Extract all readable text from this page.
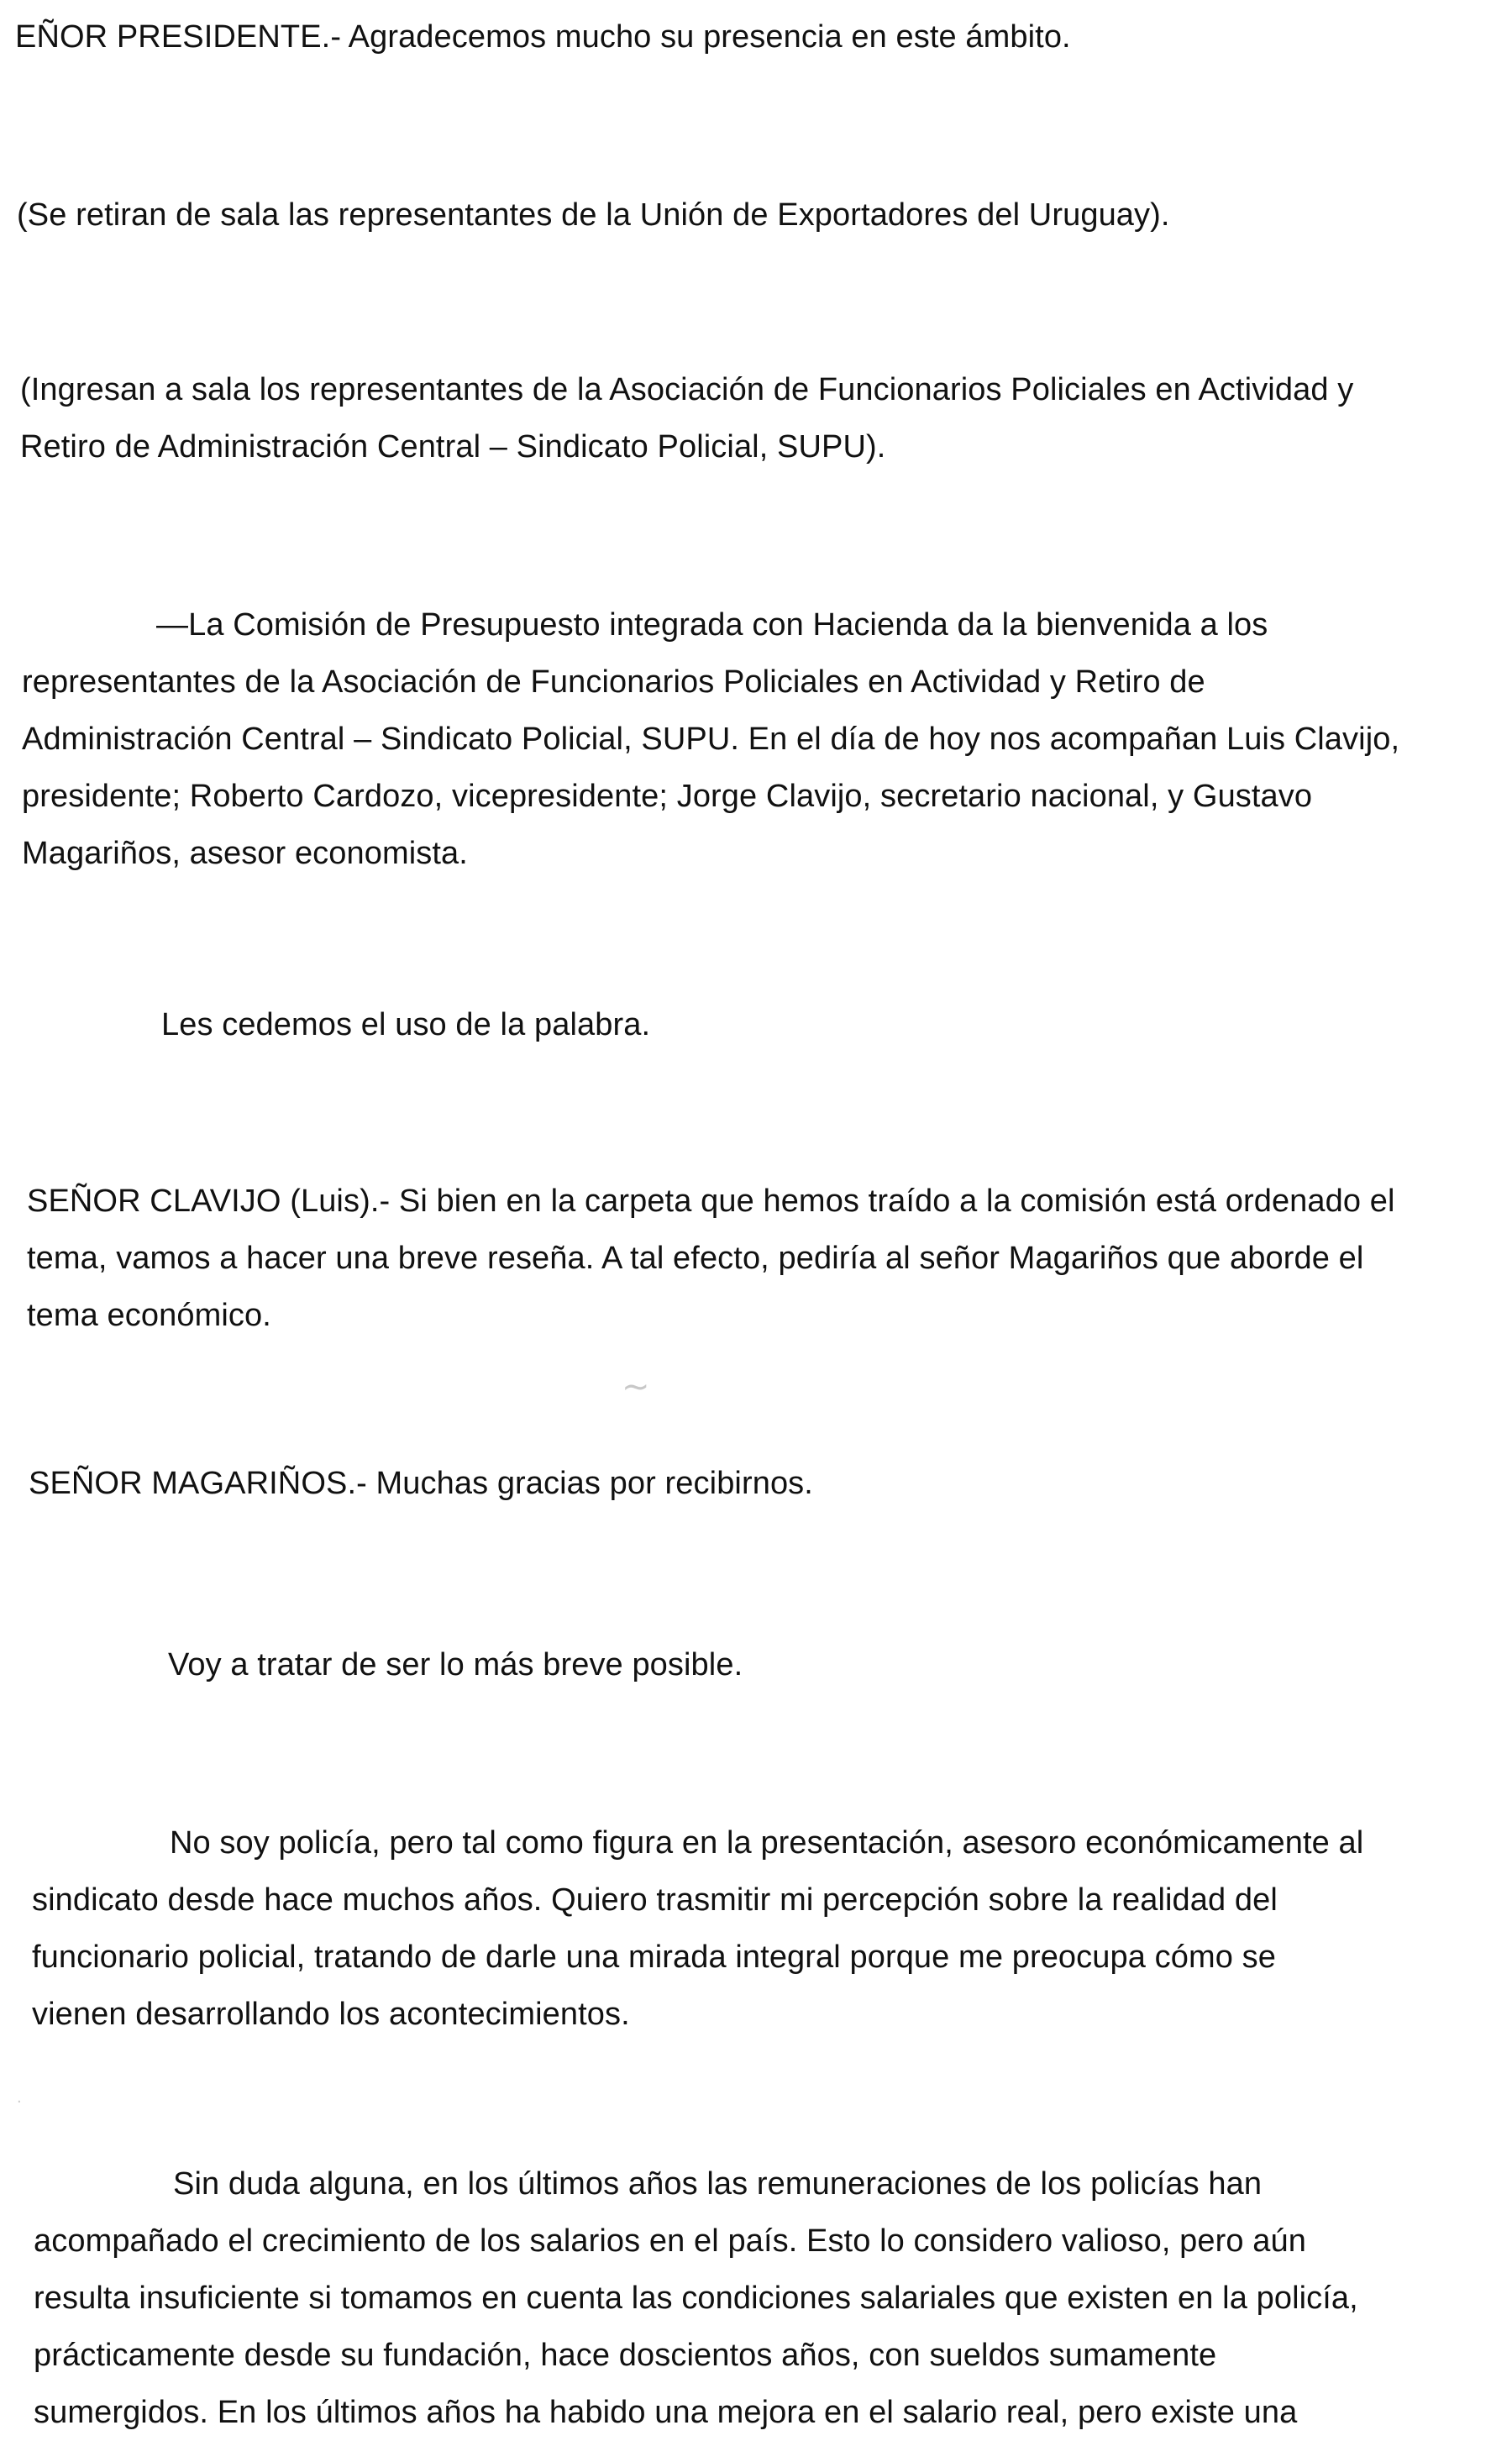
EÑOR PRESIDENTE.- Agradecemos mucho su presencia en este ámbito.
(Se retiran de sala las representantes de la Unión de Exportadores del Uruguay).
(Ingresan a sala los representantes de la Asociación de Funcionarios Policiales en Actividad y
Retiro de Administración Central – Sindicato Policial, SUPU).
—La Comisión de Presupuesto integrada con Hacienda da la bienvenida a los
representantes de la Asociación de Funcionarios Policiales en Actividad y Retiro de
Administración Central – Sindicato Policial, SUPU. En el día de hoy nos acompañan Luis Clavijo,
presidente; Roberto Cardozo, vicepresidente; Jorge Clavijo, secretario nacional, y Gustavo
Magariños, asesor economista.
Les cedemos el uso de la palabra.
SEÑOR CLAVIJO (Luis).- Si bien en la carpeta que hemos traído a la comisión está ordenado el
tema, vamos a hacer una breve reseña. A tal efecto, pediría al señor Magariños que aborde el
tema económico.
~
SEÑOR MAGARIÑOS.- Muchas gracias por recibirnos.
Voy a tratar de ser lo más breve posible.
No soy policía, pero tal como figura en la presentación, asesoro económicamente al
sindicato desde hace muchos años. Quiero trasmitir mi percepción sobre la realidad del
funcionario policial, tratando de darle una mirada integral porque me preocupa cómo se
vienen desarrollando los acontecimientos.
·
Sin duda alguna, en los últimos años las remuneraciones de los policías han
acompañado el crecimiento de los salarios en el país. Esto lo considero valioso, pero aún
resulta insuficiente si tomamos en cuenta las condiciones salariales que existen en la policía,
prácticamente desde su fundación, hace doscientos años, con sueldos sumamente
sumergidos. En los últimos años ha habido una mejora en el salario real, pero existe una
